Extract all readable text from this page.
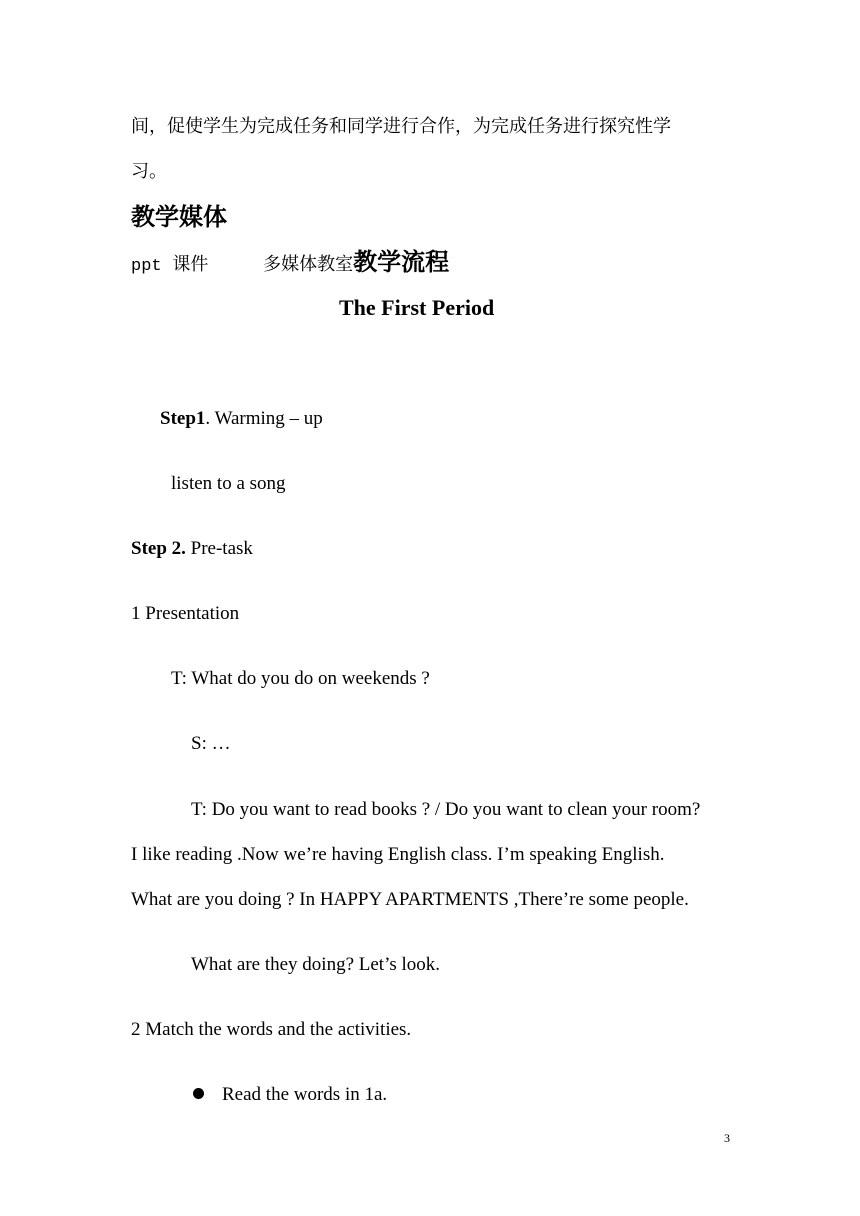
间，促使学生为完成任务和同学进行合作，为完成任务进行探究性学
习。
教学媒体
ppt 课件	多媒体教室教学流程
The First Period
Step1. Warming – up
listen to a song
Step 2. Pre-task
1 Presentation
T: What do you do on weekends ?
S: …
T: Do you want to read books ? / Do you want to clean your room?
I like reading .Now we’re having English class. I’m speaking English.
What are you doing ? In HAPPY APARTMENTS ,There’re some people.
What are they doing? Let’s look.
2 Match the words and the activities.
Read the words in 1a.
3
